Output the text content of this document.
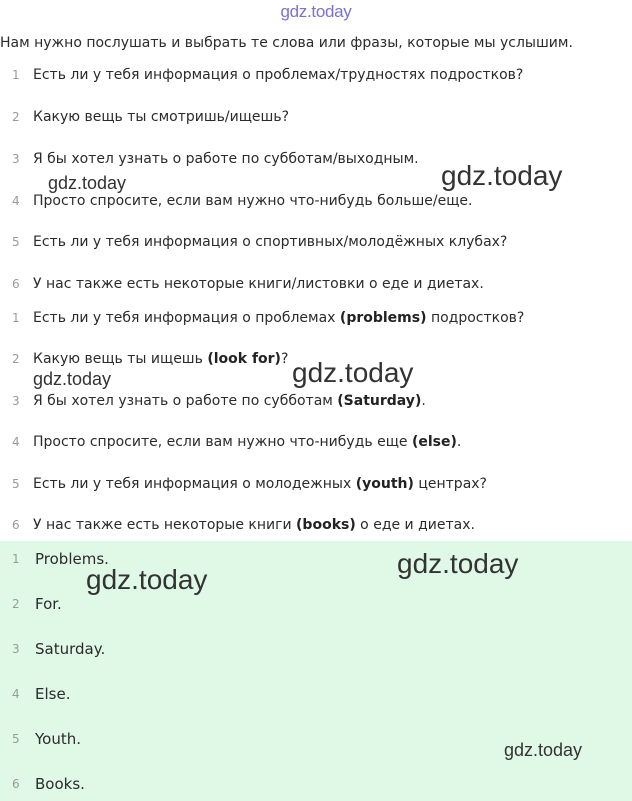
gdz.today
Нам нужно послушать и выбрать те слова или фразы, которые мы услышим.
1 Есть ли у тебя информация о проблемах/трудностях подростков?
2 Какую вещь ты смотришь/ищешь?
3 Я бы хотел узнать о работе по субботам/выходным.
4 Просто спросите, если вам нужно что-нибудь больше/еще.
5 Есть ли у тебя информация о спортивных/молодёжных клубах?
6 У нас также есть некоторые книги/листовки о еде и диетах.
1 Есть ли у тебя информация о проблемах (problems) подростков?
2 Какую вещь ты ищешь (look for)?
3 Я бы хотел узнать о работе по субботам (Saturday).
4 Просто спросите, если вам нужно что-нибудь еще (else).
5 Есть ли у тебя информация о молодежных (youth) центрах?
6 У нас также есть некоторые книги (books) о еде и диетах.
1 Problems.
2 For.
3 Saturday.
4 Else.
5 Youth.
6 Books.
gdz.today	gdz.today
gdz.today	gdz.today
gdz.today
gdz.today
gdz.today
